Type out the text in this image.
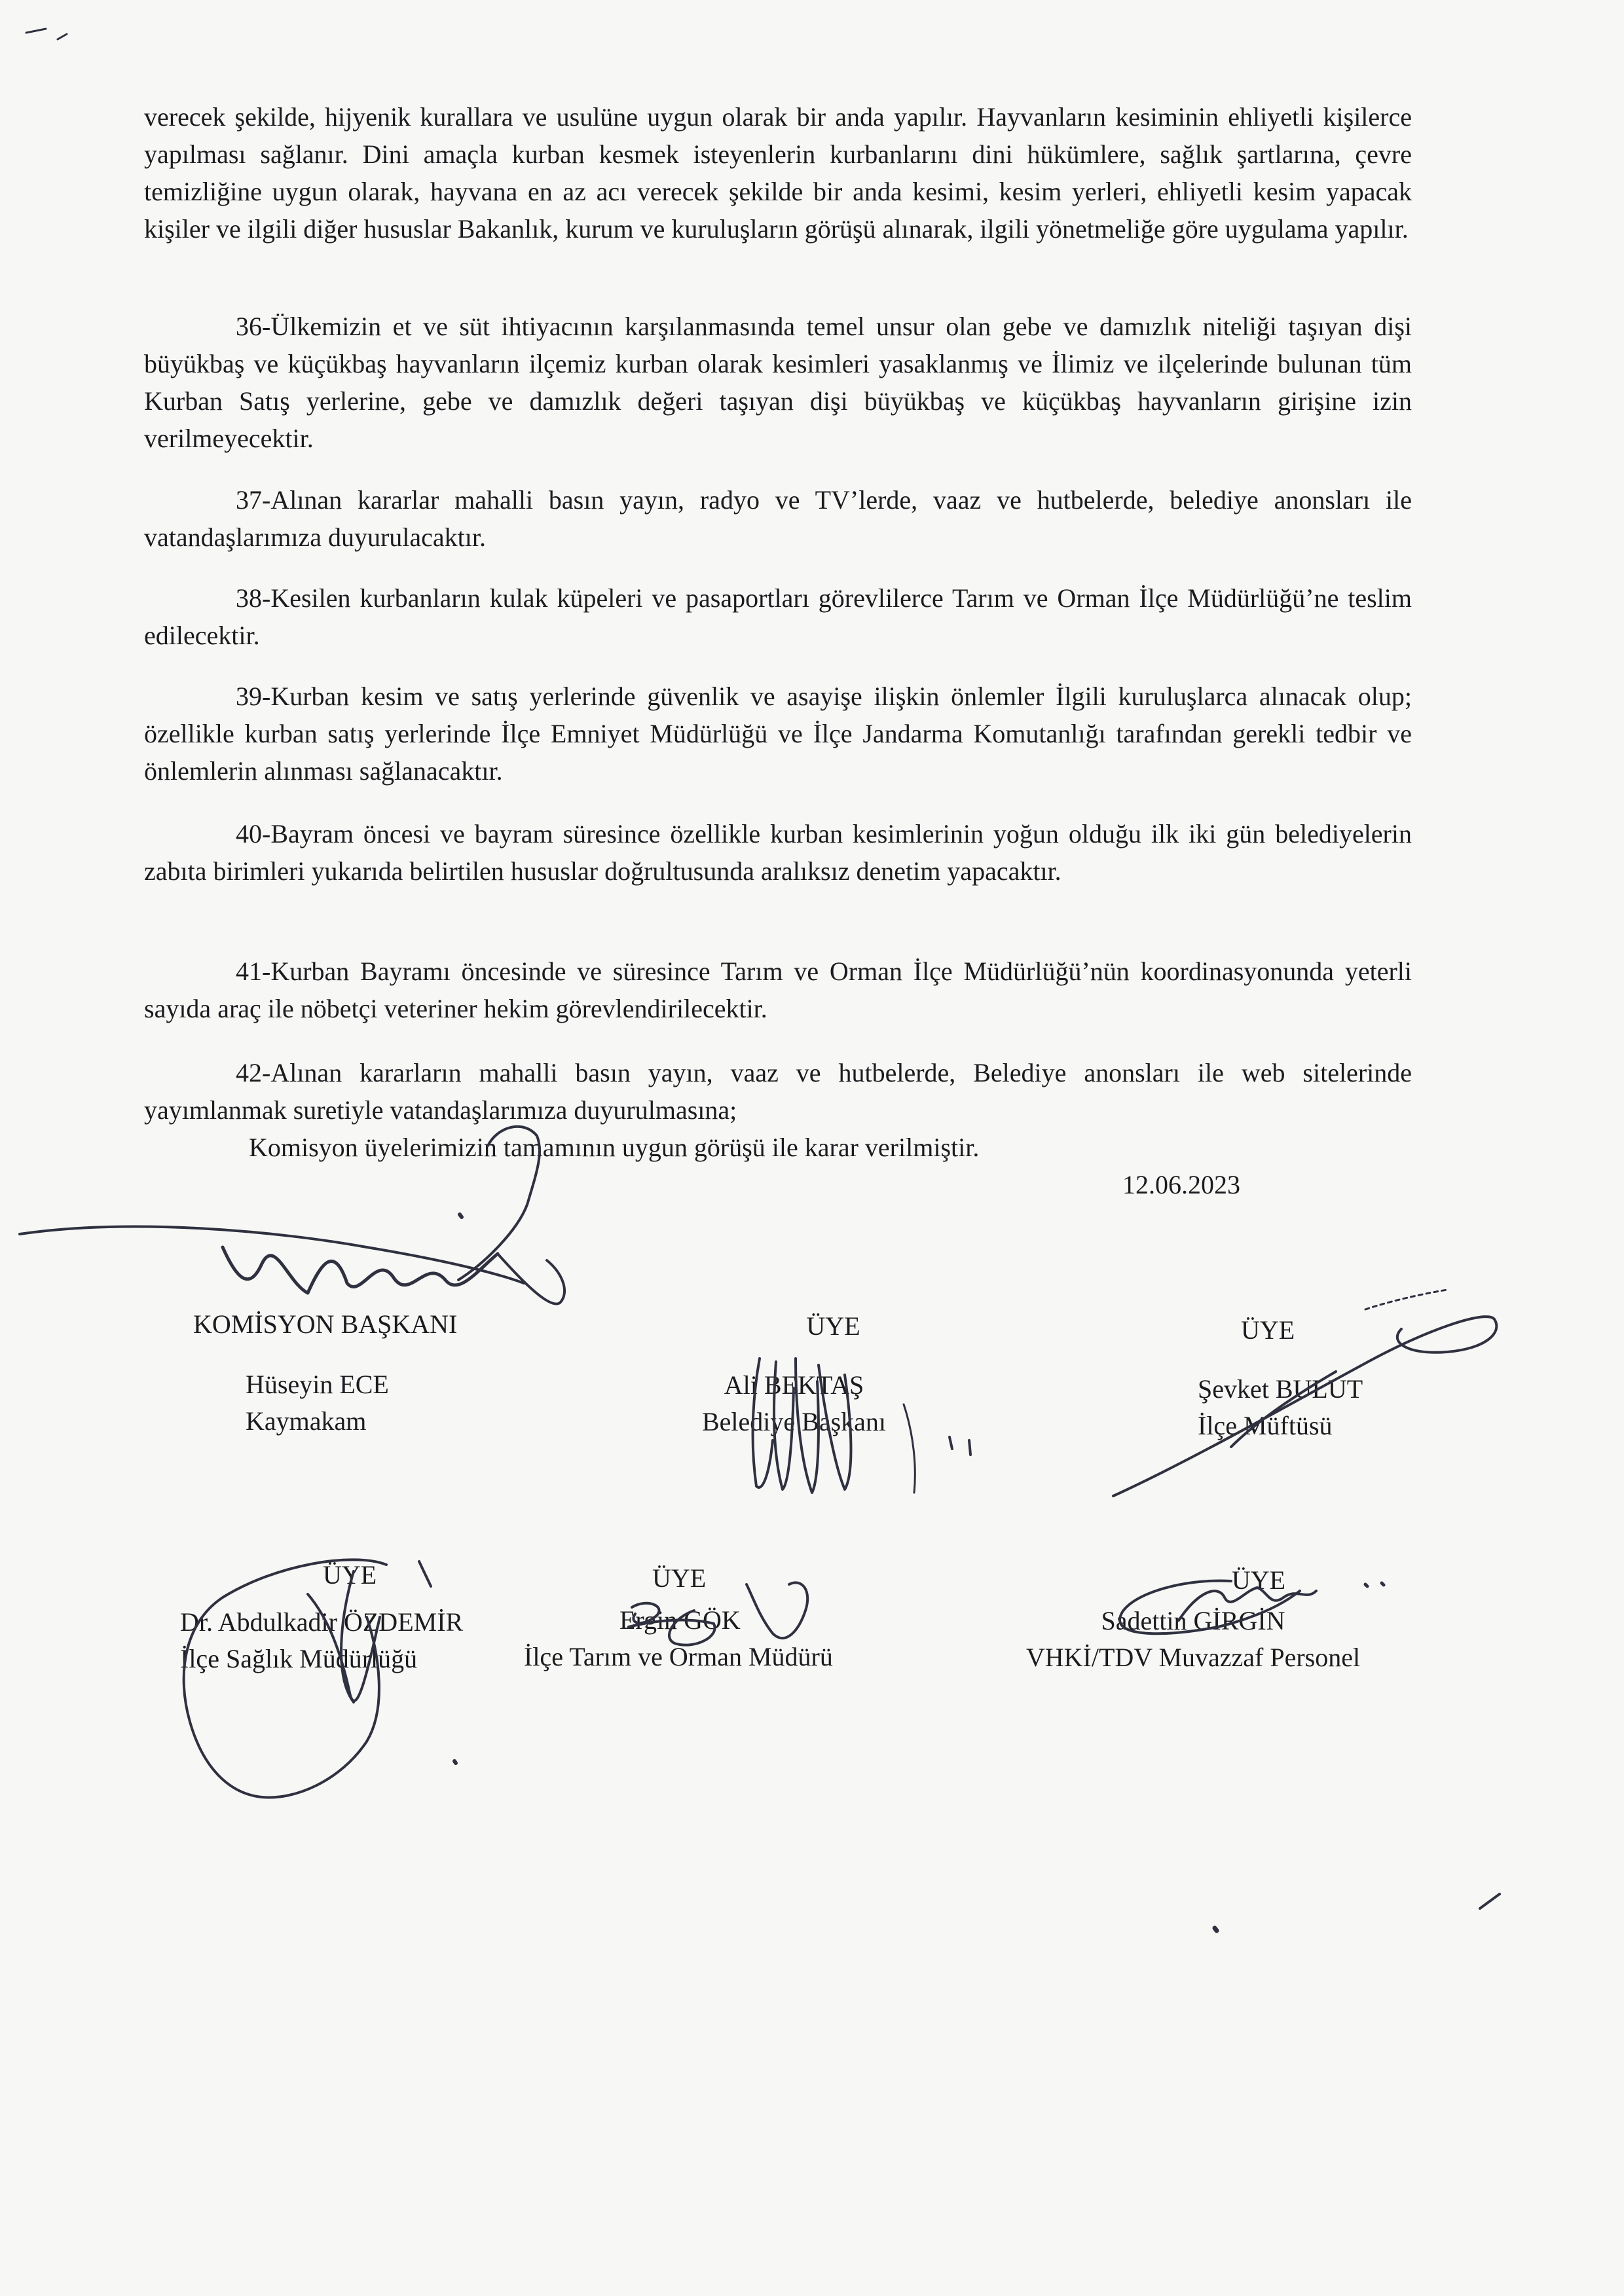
verecek şekilde, hijyenik kurallara ve usulüne uygun olarak bir anda yapılır. Hayvanların kesiminin ehliyetli kişilerce yapılması sağlanır. Dini amaçla kurban kesmek isteyenlerin kurbanlarını dini hükümlere, sağlık şartlarına, çevre temizliğine uygun olarak, hayvana en az acı verecek şekilde bir anda kesimi, kesim yerleri, ehliyetli kesim yapacak kişiler ve ilgili diğer hususlar Bakanlık, kurum ve kuruluşların görüşü alınarak, ilgili yönetmeliğe göre uygulama yapılır.

36-Ülkemizin et ve süt ihtiyacının karşılanmasında temel unsur olan gebe ve damızlık niteliği taşıyan dişi büyükbaş ve küçükbaş hayvanların ilçemiz kurban olarak kesimleri yasaklanmış ve İlimiz ve ilçelerinde bulunan tüm Kurban Satış yerlerine, gebe ve damızlık değeri taşıyan dişi büyükbaş ve küçükbaş hayvanların girişine izin verilmeyecektir.

37-Alınan kararlar mahalli basın yayın, radyo ve TV’lerde, vaaz ve hutbelerde, belediye anonsları ile vatandaşlarımıza duyurulacaktır.

38-Kesilen kurbanların kulak küpeleri ve pasaportları görevlilerce Tarım ve Orman İlçe Müdürlüğü’ne teslim edilecektir.

39-Kurban kesim ve satış yerlerinde güvenlik ve asayişe ilişkin önlemler İlgili kuruluşlarca alınacak olup; özellikle kurban satış yerlerinde İlçe Emniyet Müdürlüğü ve İlçe Jandarma Komutanlığı tarafından gerekli tedbir ve önlemlerin alınması sağlanacaktır.

40-Bayram öncesi ve bayram süresince özellikle kurban kesimlerinin yoğun olduğu ilk iki gün belediyelerin zabıta birimleri yukarıda belirtilen hususlar doğrultusunda aralıksız denetim yapacaktır.

41-Kurban Bayramı öncesinde ve süresince Tarım ve Orman İlçe Müdürlüğü’nün koordinasyonunda yeterli sayıda araç ile nöbetçi veteriner hekim görevlendirilecektir.

42-Alınan kararların mahalli basın yayın, vaaz ve hutbelerde, Belediye anonsları ile web sitelerinde yayımlanmak suretiyle vatandaşlarımıza duyurulmasına;

Komisyon üyelerimizin tamamının uygun görüşü ile karar verilmiştir.

12.06.2023
KOMİSYON BAŞKANI
Hüseyin ECE
Kaymakam
ÜYE
Ali BEKTAŞ
Belediye Başkanı
ÜYE
Şevket BULUT
İlçe Müftüsü
ÜYE
Dr. Abdulkadir ÖZDEMİR
İlçe Sağlık Müdürlüğü
ÜYE
Ergin GÖK
İlçe Tarım ve Orman Müdürü
ÜYE
Sadettin GİRGİN
VHKİ/TDV Muvazzaf Personel
